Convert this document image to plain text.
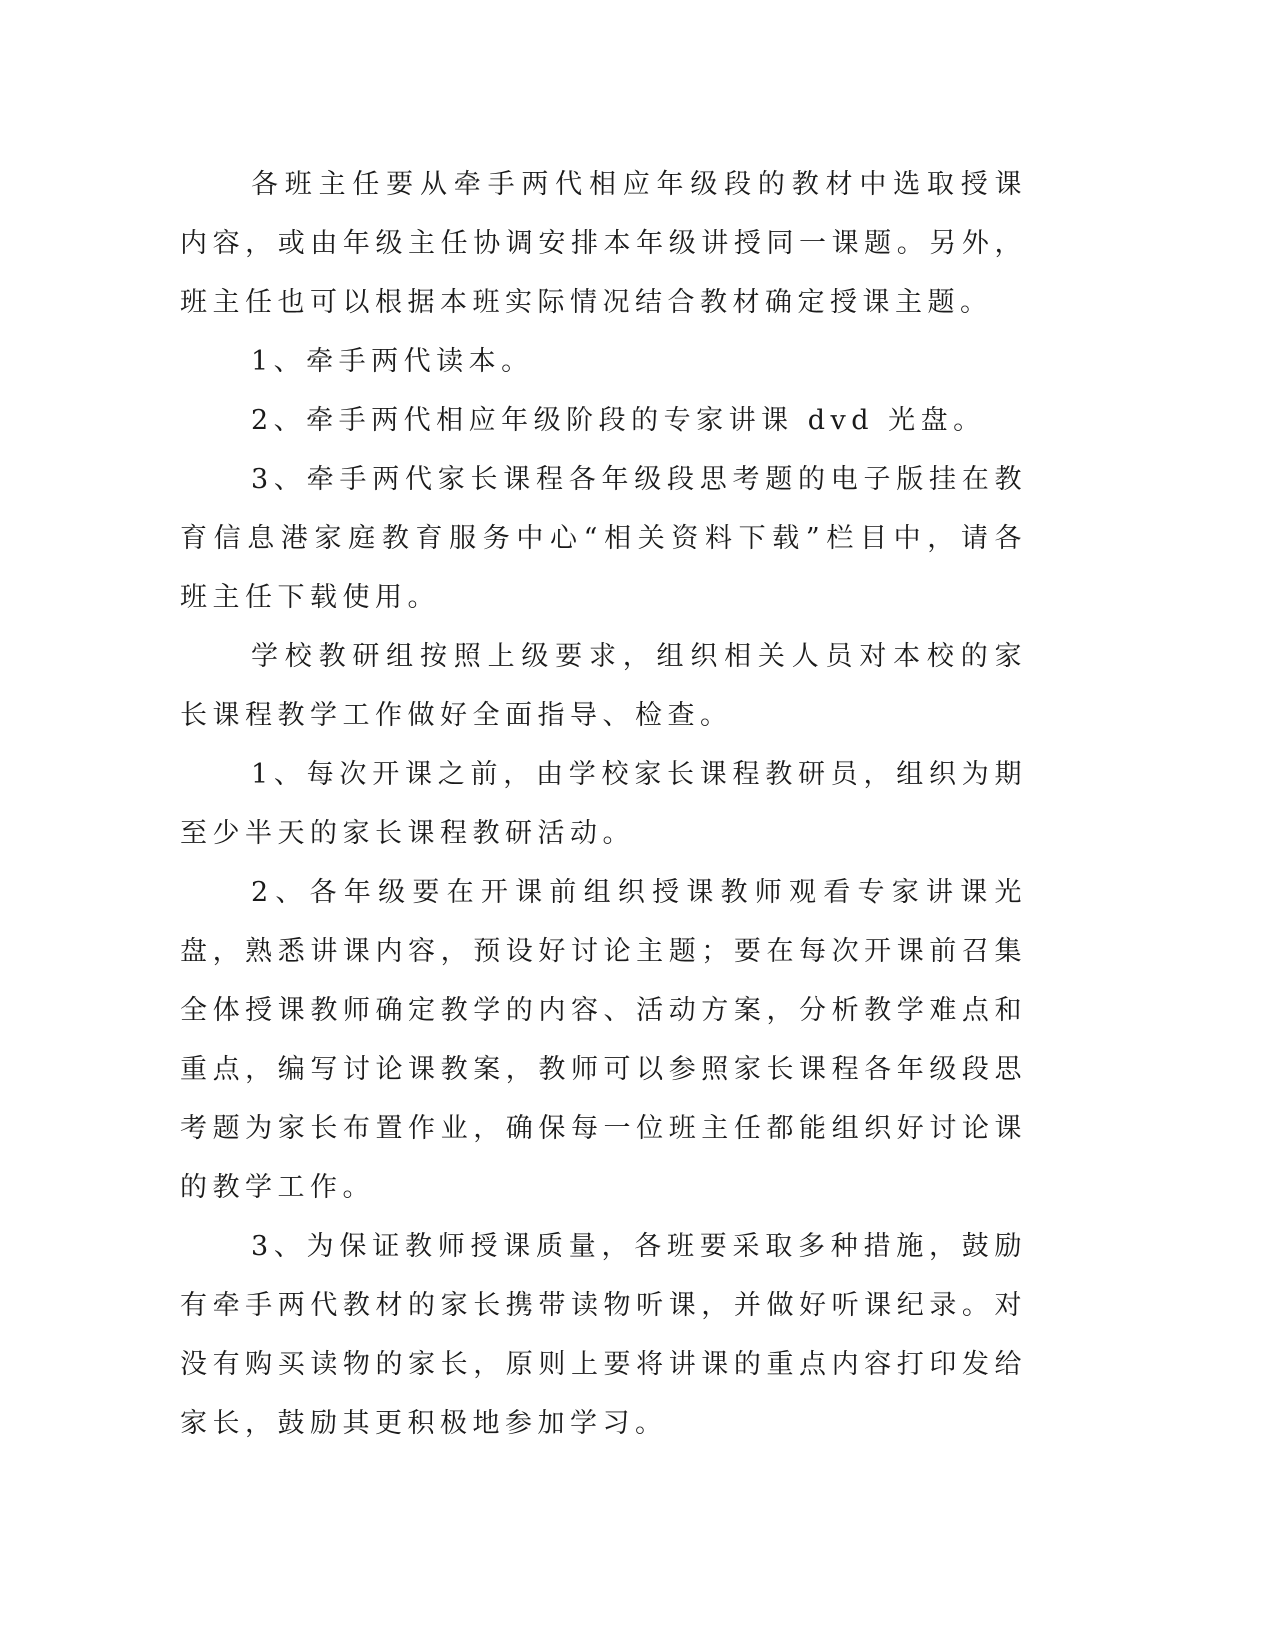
各班主任要从牵手两代相应年级段的教材中选取授课内容，或由年级主任协调安排本年级讲授同一课题。另外，班主任也可以根据本班实际情况结合教材确定授课主题。

1、牵手两代读本。

2、牵手两代相应年级阶段的专家讲课 dvd 光盘。

3、牵手两代家长课程各年级段思考题的电子版挂在教育信息港家庭教育服务中心“相关资料下载”栏目中，请各班主任下载使用。

学校教研组按照上级要求，组织相关人员对本校的家长课程教学工作做好全面指导、检查。

1、每次开课之前，由学校家长课程教研员，组织为期至少半天的家长课程教研活动。

2、各年级要在开课前组织授课教师观看专家讲课光盘，熟悉讲课内容，预设好讨论主题；要在每次开课前召集全体授课教师确定教学的内容、活动方案，分析教学难点和重点，编写讨论课教案，教师可以参照家长课程各年级段思考题为家长布置作业，确保每一位班主任都能组织好讨论课的教学工作。

3、为保证教师授课质量，各班要采取多种措施，鼓励有牵手两代教材的家长携带读物听课，并做好听课纪录。对没有购买读物的家长，原则上要将讲课的重点内容打印发给家长，鼓励其更积极地参加学习。
